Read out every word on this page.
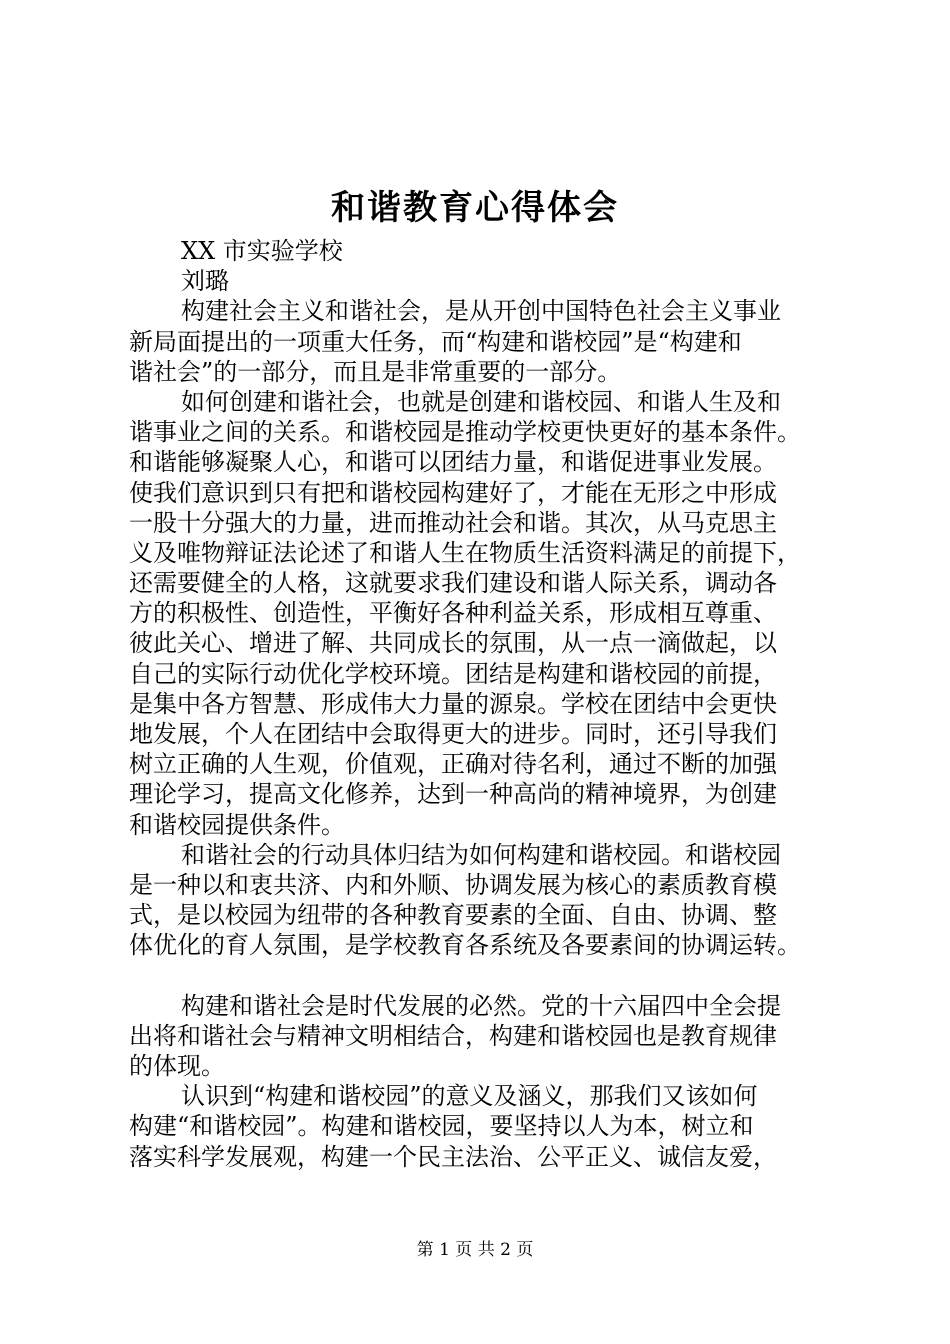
和谐教育心得体会
XX 市实验学校
刘璐
构建社会主义和谐社会，是从开创中国特色社会主义事业
新局面提出的一项重大任务，而“构建和谐校园”是“构建和
谐社会”的一部分，而且是非常重要的一部分。
如何创建和谐社会，也就是创建和谐校园、和谐人生及和
谐事业之间的关系。和谐校园是推动学校更快更好的基本条件。
和谐能够凝聚人心，和谐可以团结力量，和谐促进事业发展。
使我们意识到只有把和谐校园构建好了，才能在无形之中形成
一股十分强大的力量，进而推动社会和谐。其次，从马克思主
义及唯物辩证法论述了和谐人生在物质生活资料满足的前提下，
还需要健全的人格，这就要求我们建设和谐人际关系，调动各
方的积极性、创造性，平衡好各种利益关系，形成相互尊重、
彼此关心、增进了解、共同成长的氛围，从一点一滴做起，以
自己的实际行动优化学校环境。团结是构建和谐校园的前提，
是集中各方智慧、形成伟大力量的源泉。学校在团结中会更快
地发展，个人在团结中会取得更大的进步。同时，还引导我们
树立正确的人生观，价值观，正确对待名利，通过不断的加强
理论学习，提高文化修养，达到一种高尚的精神境界，为创建
和谐校园提供条件。
和谐社会的行动具体归结为如何构建和谐校园。和谐校园
是一种以和衷共济、内和外顺、协调发展为核心的素质教育模
式，是以校园为纽带的各种教育要素的全面、自由、协调、整
体优化的育人氛围，是学校教育各系统及各要素间的协调运转。
构建和谐社会是时代发展的必然。党的十六届四中全会提
出将和谐社会与精神文明相结合，构建和谐校园也是教育规律
的体现。
认识到“构建和谐校园”的意义及涵义，那我们又该如何
构建“和谐校园”。构建和谐校园，要坚持以人为本，树立和
落实科学发展观，构建一个民主法治、公平正义、诚信友爱，
第 1 页 共 2 页
